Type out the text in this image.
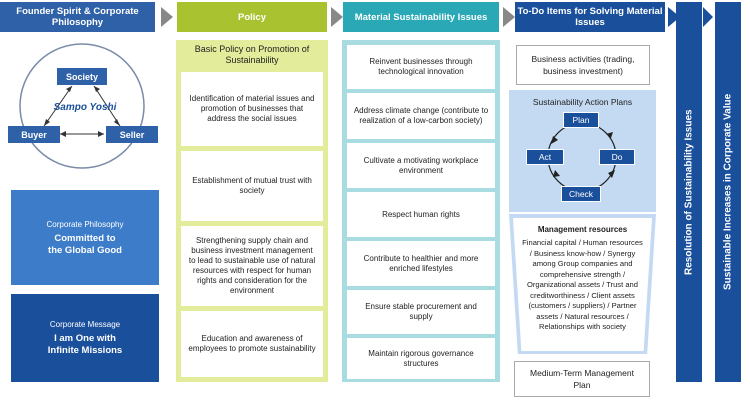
Founder Spirit & Corporate Philosophy
Society
Sampo Yoshi
Buyer	Seller
Corporate Philosophy
Committed to
the Global Good
Corporate Message
I am One with
Infinite Missions
Policy
Basic Policy on Promotion of Sustainability
Identification of material issues and promotion of businesses that address the social issues
Establishment of mutual trust with society
Strengthening supply chain and business investment management to lead to sustainable use of natural resources with respect for human rights and consideration for the environment
Education and awareness of employees to promote sustainability
Material Sustainability Issues
Reinvent businesses through technological innovation
Address climate change (contribute to realization of a low-carbon society)
Cultivate a motivating workplace environment
Respect human rights
Contribute to healthier and more enriched lifestyles
Ensure stable procurement and supply
Maintain rigorous governance structures
To-Do Items for Solving Material Issues
Business activities (trading, business investment)
Sustainability Action Plans
Plan
Do
Check
Act
Management resources
Financial capital / Human resources / Business know-how / Synergy among Group companies and comprehensive strength / Organizational assets / Trust and creditworthiness / Client assets (customers / suppliers) / Partner assets / Natural resources / Relationships with society
Medium-Term Management Plan
Resolution of Sustainability Issues	Sustainable Increases in Corporate Value
